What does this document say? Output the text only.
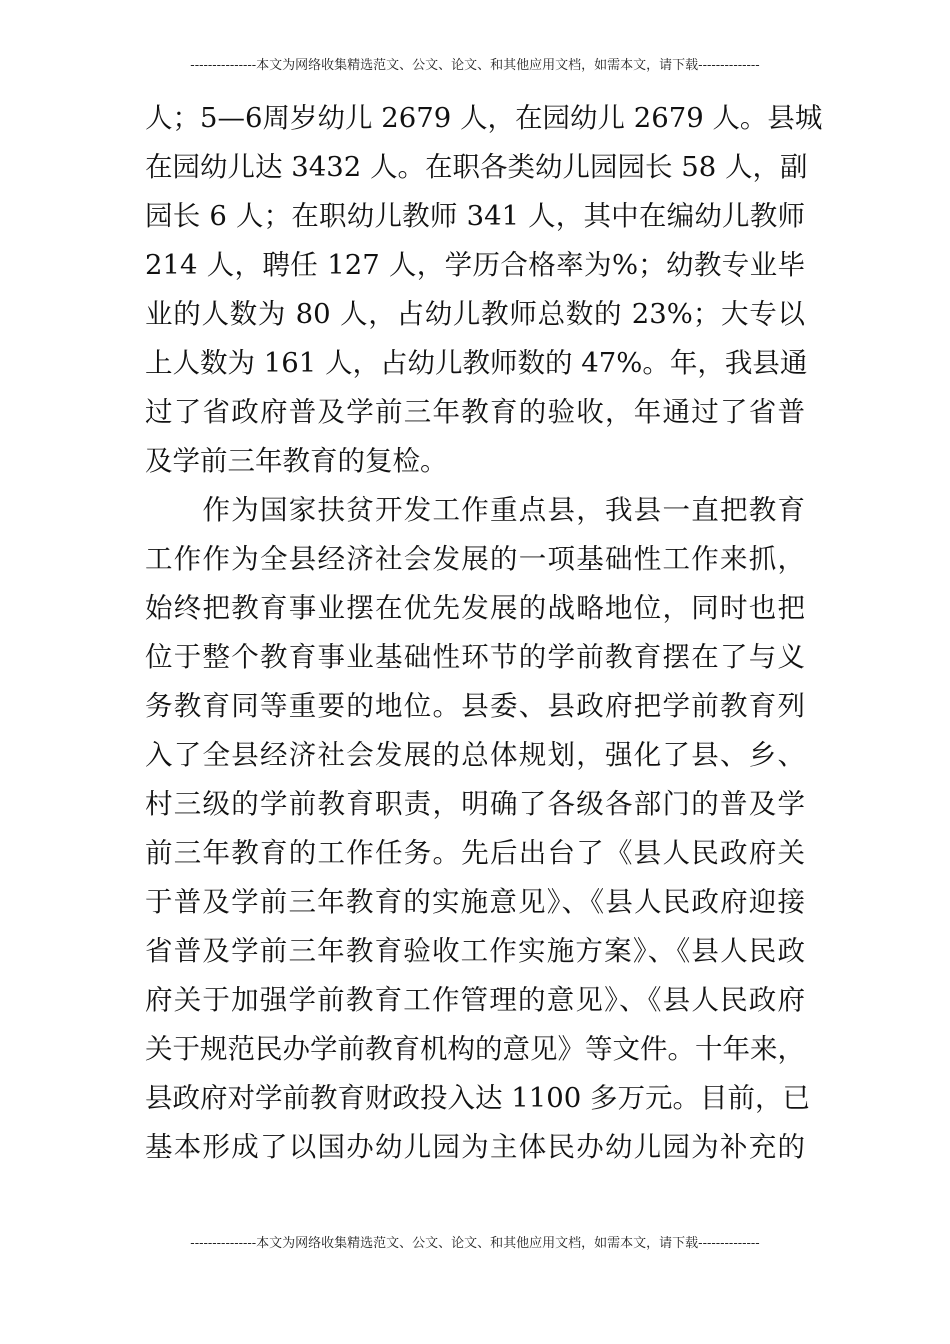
---------------本文为网络收集精选范文、公文、论文、和其他应用文档，如需本文，请下载--------------
人；5—6周岁幼儿 2679 人，在园幼儿 2679 人。县城
在园幼儿达 3432 人。在职各类幼儿园园长 58 人，副
园长 6 人；在职幼儿教师 341 人，其中在编幼儿教师
214 人，聘任 127 人，学历合格率为%；幼教专业毕
业的人数为 80 人，占幼儿教师总数的 23%；大专以
上人数为 161 人，占幼儿教师数的 47%。年，我县通
过了省政府普及学前三年教育的验收，年通过了省普
及学前三年教育的复检。
　　作为国家扶贫开发工作重点县，我县一直把教育
工作作为全县经济社会发展的一项基础性工作来抓，
始终把教育事业摆在优先发展的战略地位，同时也把
位于整个教育事业基础性环节的学前教育摆在了与义
务教育同等重要的地位。县委、县政府把学前教育列
入了全县经济社会发展的总体规划，强化了县、乡、
村三级的学前教育职责，明确了各级各部门的普及学
前三年教育的工作任务。先后出台了《县人民政府关
于普及学前三年教育的实施意见》、《县人民政府迎接
省普及学前三年教育验收工作实施方案》、《县人民政
府关于加强学前教育工作管理的意见》、《县人民政府
关于规范民办学前教育机构的意见》等文件。十年来，
县政府对学前教育财政投入达 1100 多万元。目前，已
基本形成了以国办幼儿园为主体民办幼儿园为补充的
---------------本文为网络收集精选范文、公文、论文、和其他应用文档，如需本文，请下载--------------
